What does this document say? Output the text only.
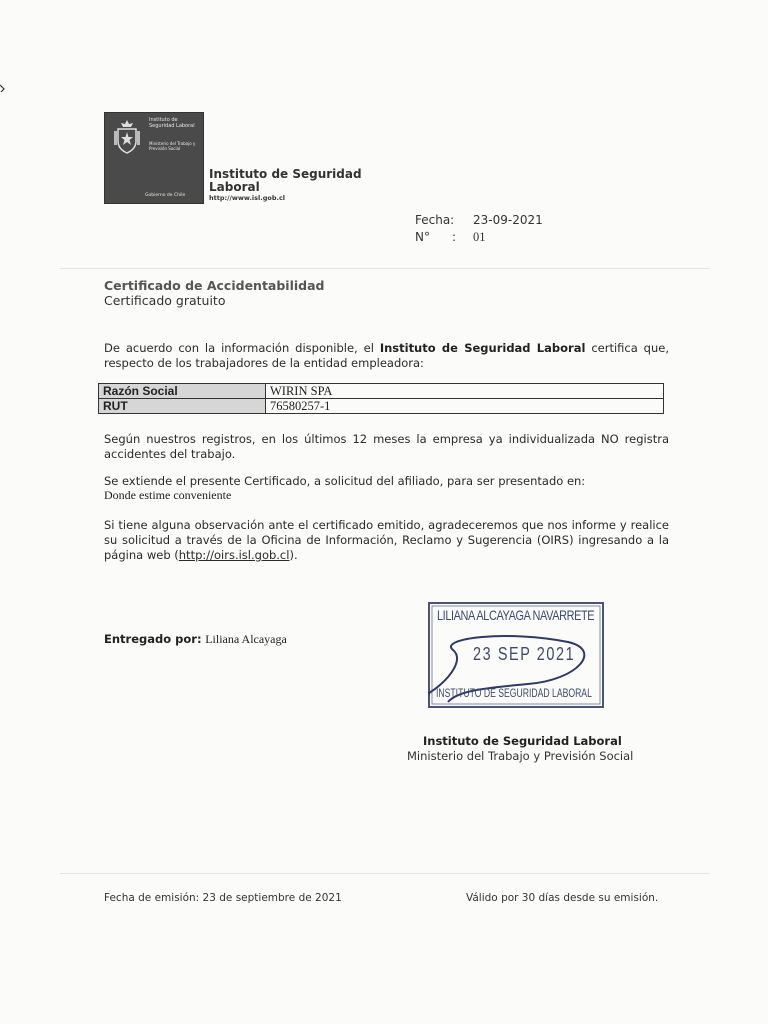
Instituto de Seguridad Laboral
Ministerio del Trabajo y Previsión Social
Gobierno de Chile
Instituto de Seguridad Laboral
http://www.isl.gob.cl
Fecha: 23-09-2021
N° : 01
Certificado de Accidentabilidad
Certificado gratuito
De acuerdo con la información disponible, el Instituto de Seguridad Laboral certifica que, respecto de los trabajadores de la entidad empleadora:
Razón Social	WIRIN SPA
RUT	76580257-1
Según nuestros registros, en los últimos 12 meses la empresa ya individualizada NO registra accidentes del trabajo.
Se extiende el presente Certificado, a solicitud del afiliado, para ser presentado en:
Donde estime conveniente
Si tiene alguna observación ante el certificado emitido, agradeceremos que nos informe y realice su solicitud a través de la Oficina de Información, Reclamo y Sugerencia (OIRS) ingresando a la página web (http://oirs.isl.gob.cl).
Entregado por: Liliana Alcayaga
LILIANA ALCAYAGA NAVARRETE
23 SEP 2021
INSTITUTO DE SEGURIDAD LABORAL
Instituto de Seguridad Laboral
Ministerio del Trabajo y Previsión Social
Fecha de emisión: 23 de septiembre de 2021	Válido por 30 días desde su emisión.
